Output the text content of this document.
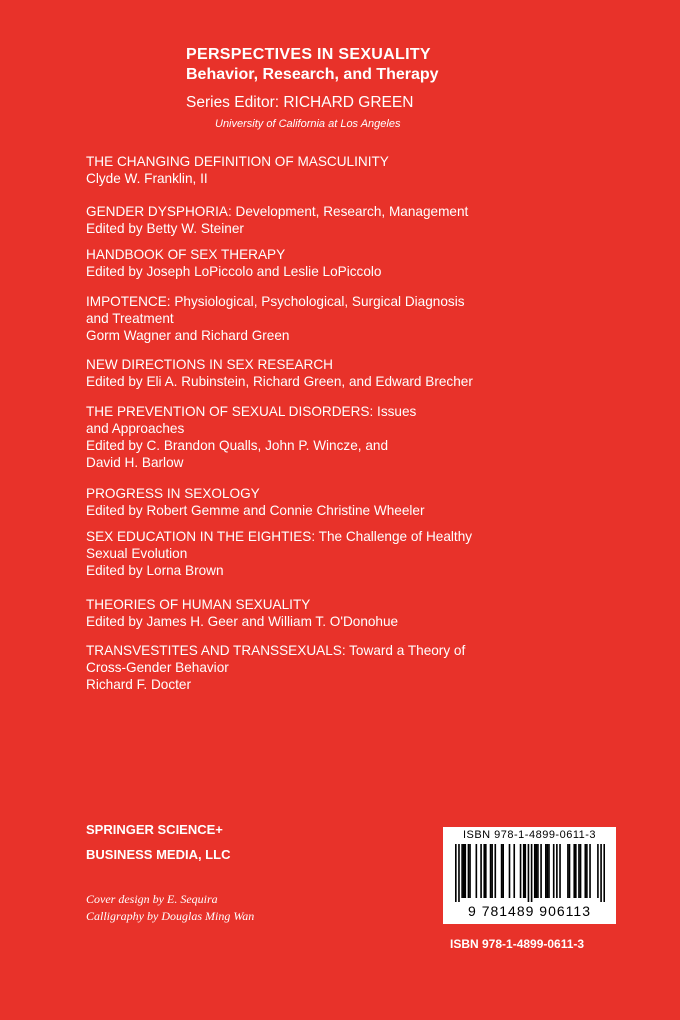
PERSPECTIVES IN SEXUALITY
Behavior, Research, and Therapy
Series Editor: RICHARD GREEN
University of California at Los Angeles
THE CHANGING DEFINITION OF MASCULINITY
Clyde W. Franklin, II
GENDER DYSPHORIA: Development, Research, Management
Edited by Betty W. Steiner
HANDBOOK OF SEX THERAPY
Edited by Joseph LoPiccolo and Leslie LoPiccolo
IMPOTENCE: Physiological, Psychological, Surgical Diagnosis
and Treatment
Gorm Wagner and Richard Green
NEW DIRECTIONS IN SEX RESEARCH
Edited by Eli A. Rubinstein, Richard Green, and Edward Brecher
THE PREVENTION OF SEXUAL DISORDERS: Issues
and Approaches
Edited by C. Brandon Qualls, John P. Wincze, and
David H. Barlow
PROGRESS IN SEXOLOGY
Edited by Robert Gemme and Connie Christine Wheeler
SEX EDUCATION IN THE EIGHTIES: The Challenge of Healthy
Sexual Evolution
Edited by Lorna Brown
THEORIES OF HUMAN SEXUALITY
Edited by James H. Geer and William T. O'Donohue
TRANSVESTITES AND TRANSSEXUALS: Toward a Theory of
Cross-Gender Behavior
Richard F. Docter
SPRINGER SCIENCE+
BUSINESS MEDIA, LLC
Cover design by E. Sequira
Calligraphy by Douglas Ming Wan
ISBN 978-1-4899-0611-3
9 781489 906113
ISBN 978-1-4899-0611-3
